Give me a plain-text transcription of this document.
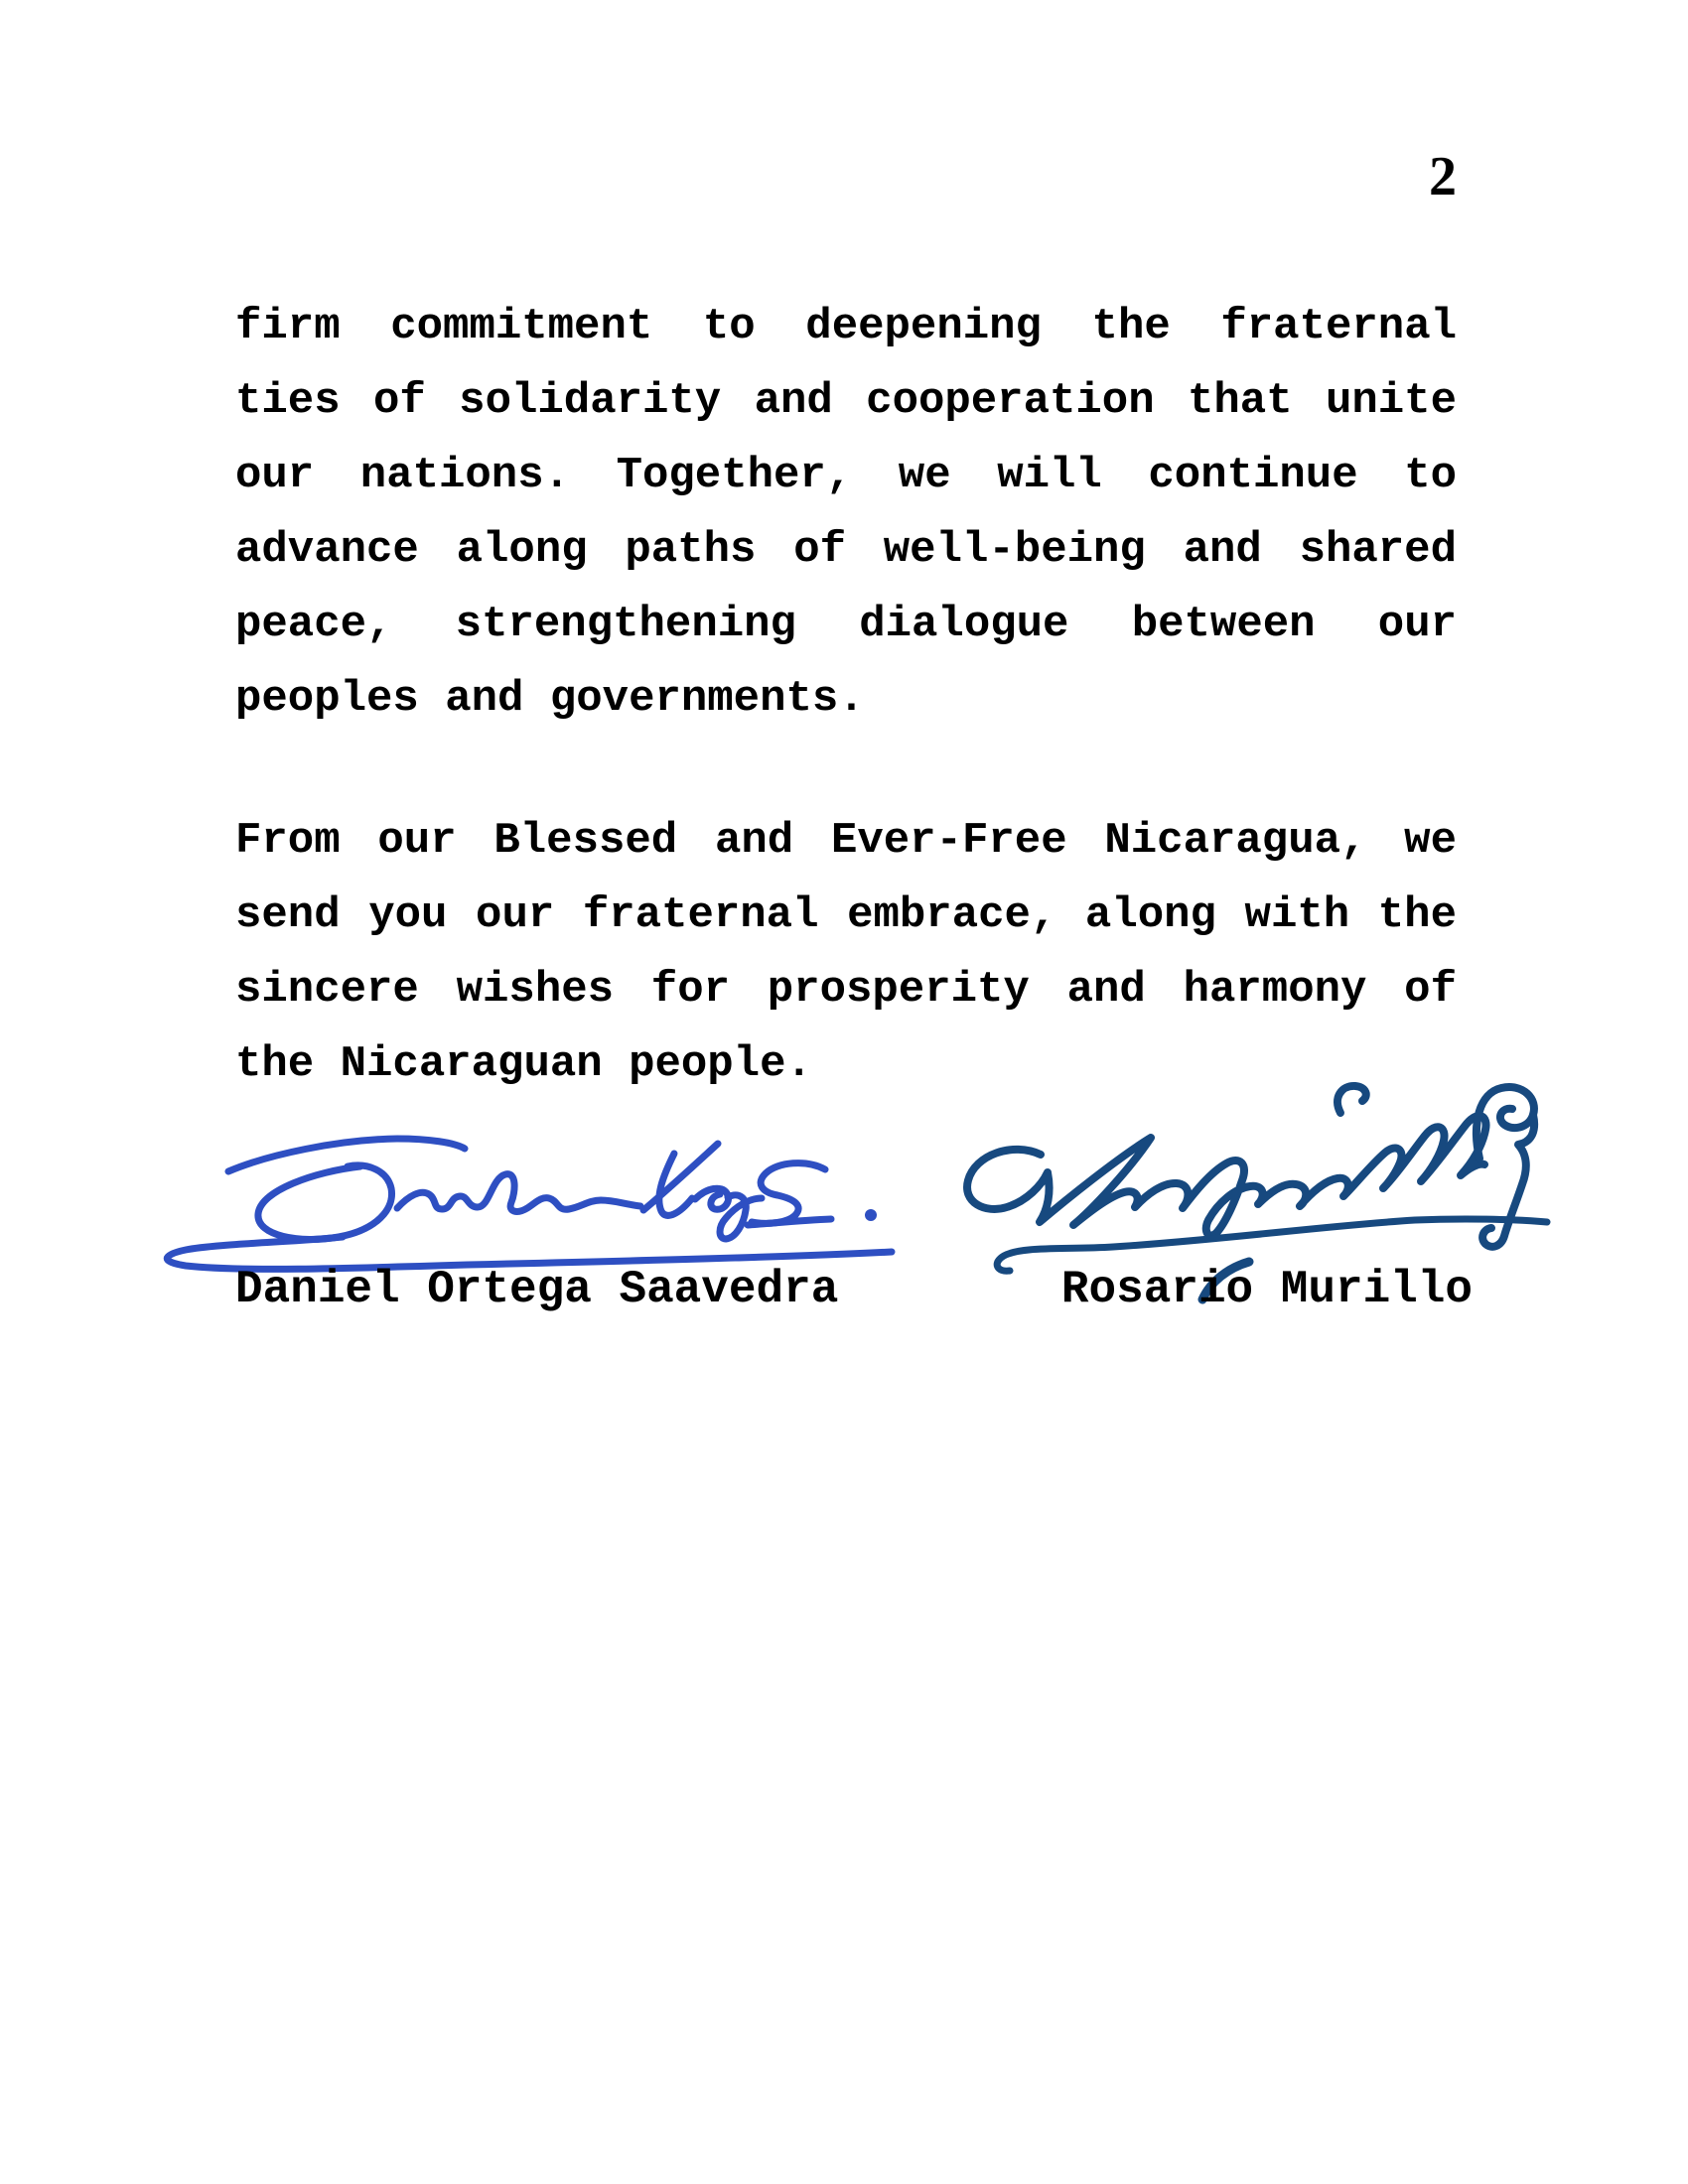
2

firm commitment to deepening the fraternal ties of solidarity and cooperation that unite our nations. Together, we will continue to advance along paths of well-being and shared peace, strengthening dialogue between our peoples and governments.

From our Blessed and Ever-Free Nicaragua, we send you our fraternal embrace, along with the sincere wishes for prosperity and harmony of the Nicaraguan people.

Daniel Ortega Saavedra	Rosario Murillo
